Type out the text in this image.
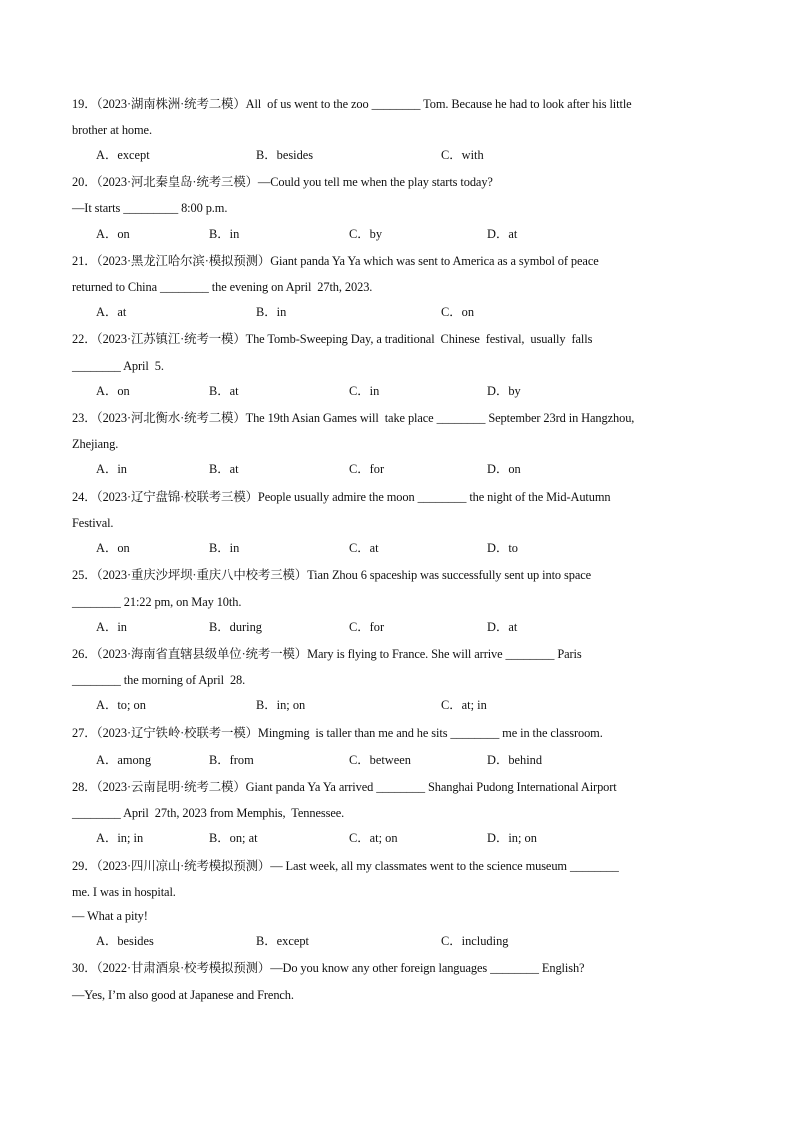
19．（2023·湖南株洲·统考二模）All  of us went to the zoo ________ Tom. Because he had to look after his little
brother at home.
A．except	B．besides	C．with
20．（2023·河北秦皇岛·统考三模）—Could you tell me when the play starts today?
—It starts _________ 8:00 p.m.
A．on	B．in	C．by	D．at
21．（2023·黑龙江哈尔滨·模拟预测）Giant panda Ya Ya which was sent to America as a symbol of peace
returned to China ________ the evening on April  27th, 2023.
A．at	B．in	C．on
22．（2023·江苏镇江·统考一模）The Tomb-Sweeping Day, a traditional  Chinese  festival,  usually  falls
________ April  5.
A．on	B．at	C．in	D．by
23．（2023·河北衡水·统考二模）The 19th Asian Games will  take place ________ September 23rd in Hangzhou,
Zhejiang.
A．in	B．at	C．for	D．on
24．（2023·辽宁盘锦·校联考三模）People usually admire the moon ________ the night of the Mid-Autumn
Festival.
A．on	B．in	C．at	D．to
25．（2023·重庆沙坪坝·重庆八中校考三模）Tian Zhou 6 spaceship was successfully sent up into space
________ 21:22 pm, on May 10th.
A．in	B．during	C．for	D．at
26．（2023·海南省直辖县级单位·统考一模）Mary is flying to France. She will arrive ________ Paris
________ the morning of April  28.
A．to; on	B．in; on	C．at; in
27．（2023·辽宁铁岭·校联考一模）Mingming  is taller than me and he sits ________ me in the classroom.
A．among	B．from	C．between	D．behind
28．（2023·云南昆明·统考二模）Giant panda Ya Ya arrived ________ Shanghai Pudong International Airport
________ April  27th, 2023 from Memphis,  Tennessee.
A．in; in	B．on; at	C．at; on	D．in; on
29．（2023·四川凉山·统考模拟预测）— Last week, all my classmates went to the science museum ________
me. I was in hospital.
— What a pity!
A．besides	B．except	C．including
30．（2022·甘肃酒泉·校考模拟预测）—Do you know any other foreign languages ________ English?
—Yes, I’m also good at Japanese and French.
